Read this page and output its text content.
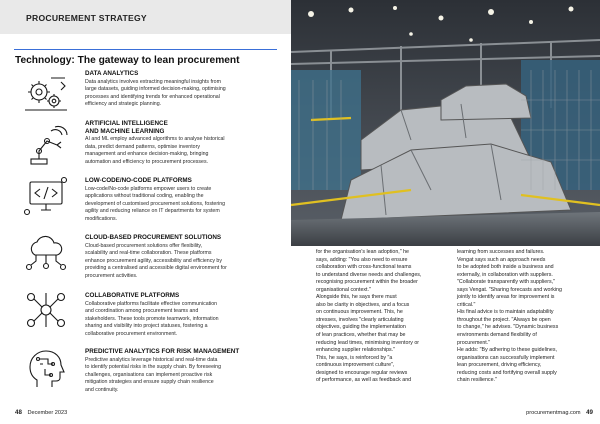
PROCUREMENT STRATEGY
Technology: The gateway to lean procurement
DATA ANALYTICS

Data analytics involves extracting meaningful insights from
large datasets, guiding informed decision-making, optimising
processes and identifying trends for enhanced operational
efficiency and strategic planning.

ARTIFICIAL INTELLIGENCE
AND MACHINE LEARNING

AI and ML employ advanced algorithms to analyse historical
data, predict demand patterns, optimise inventory
management and enhance decision-making, bringing
automation and efficiency to procurement processes.

LOW-CODE/NO-CODE PLATFORMS

Low-code/No-code platforms empower users to create
applications without traditional coding, enabling the
development of customised procurement solutions, fostering
agility and reducing reliance on IT departments for system
modifications.

CLOUD-BASED PROCUREMENT SOLUTIONS

Cloud-based procurement solutions offer flexibility,
scalability and real-time collaboration. These platforms
enhance procurement agility, accessibility and efficiency by
providing a centralised and accessible digital environment for
procurement activities.

COLLABORATIVE PLATFORMS

Collaborative platforms facilitate effective communication
and coordination among procurement teams and
stakeholders. These tools promote teamwork, information
sharing and visibility into project statuses, fostering a
collaborative procurement environment.

PREDICTIVE ANALYTICS FOR RISK MANAGEMENT

Predictive analytics leverage historical and real-time data
to identify potential risks in the supply chain. By foreseeing
challenges, organisations can implement proactive risk
mitigation strategies and ensure supply chain resilience
and continuity.

48 December 2023
for the organisation's lean adoption," he
says, adding: "You also need to ensure
collaboration with cross-functional teams
to understand diverse needs and challenges,
recognising procurement within the broader
organisational context."
Alongside this, he says there must
also be clarity in objectives, and a focus
on continuous improvement. This, he
stresses, involves "clearly articulating
objectives, guiding the implementation
of lean practices, whether that may be
reducing lead times, minimising inventory or
enhancing supplier relationships."
This, he says, is reinforced by "a
continuous improvement culture",
designed to encourage regular reviews
of performance, as well as feedback and
learning from successes and failures.
Vengat says such an approach needs
to be adopted both inside a business and
externally, in collaboration with suppliers.
"Collaborate transparently with suppliers,"
says Vengat. "Sharing forecasts and working
jointly to identify areas for improvement is
critical."
His final advice is to maintain adaptability
throughout the project. "Always be open
to change," he advises. "Dynamic business
environments demand flexibility of
procurement."
He adds: "By adhering to these guidelines,
organisations can successfully implement
lean procurement, driving efficiency,
reducing costs and fortifying overall supply
chain resilience."
procurementmag.com 49
